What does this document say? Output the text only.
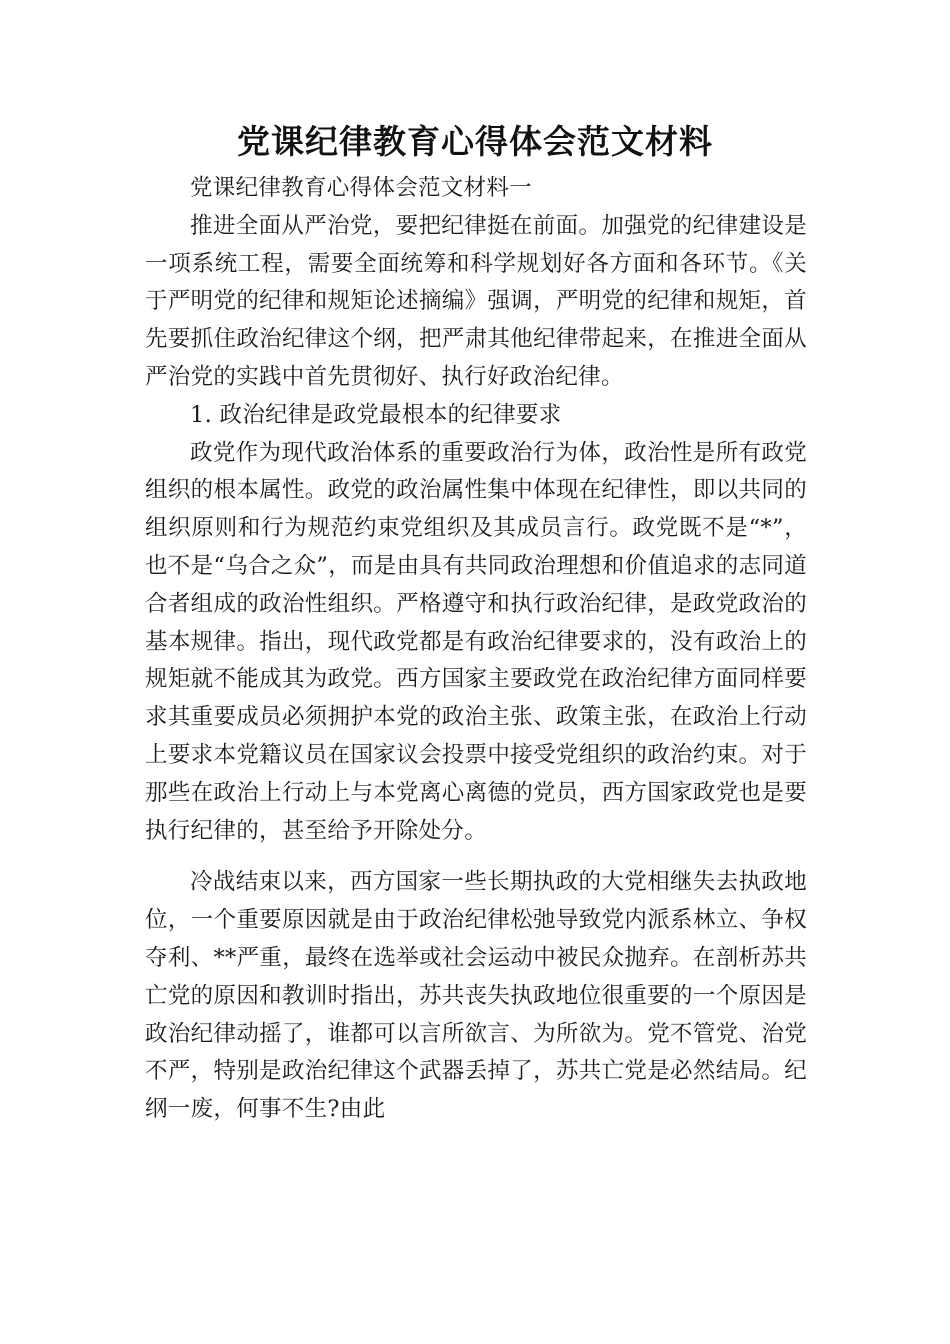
党课纪律教育心得体会范文材料

党课纪律教育心得体会范文材料一

推进全面从严治党，要把纪律挺在前面。加强党的纪律建设是一项系统工程，需要全面统筹和科学规划好各方面和各环节。《关于严明党的纪律和规矩论述摘编》强调，严明党的纪律和规矩，首先要抓住政治纪律这个纲，把严肃其他纪律带起来，在推进全面从严治党的实践中首先贯彻好、执行好政治纪律。

1. 政治纪律是政党最根本的纪律要求

政党作为现代政治体系的重要政治行为体，政治性是所有政党组织的根本属性。政党的政治属性集中体现在纪律性，即以共同的组织原则和行为规范约束党组织及其成员言行。政党既不是“*”，也不是“乌合之众”，而是由具有共同政治理想和价值追求的志同道合者组成的政治性组织。严格遵守和执行政治纪律，是政党政治的基本规律。指出，现代政党都是有政治纪律要求的，没有政治上的规矩就不能成其为政党。西方国家主要政党在政治纪律方面同样要求其重要成员必须拥护本党的政治主张、政策主张，在政治上行动上要求本党籍议员在国家议会投票中接受党组织的政治约束。对于那些在政治上行动上与本党离心离德的党员，西方国家政党也是要执行纪律的，甚至给予开除处分。

冷战结束以来，西方国家一些长期执政的大党相继失去执政地位，一个重要原因就是由于政治纪律松弛导致党内派系林立、争权夺利、**严重，最终在选举或社会运动中被民众抛弃。在剖析苏共亡党的原因和教训时指出，苏共丧失执政地位很重要的一个原因是政治纪律动摇了，谁都可以言所欲言、为所欲为。党不管党、治党不严，特别是政治纪律这个武器丢掉了，苏共亡党是必然结局。纪纲一废，何事不生?由此
